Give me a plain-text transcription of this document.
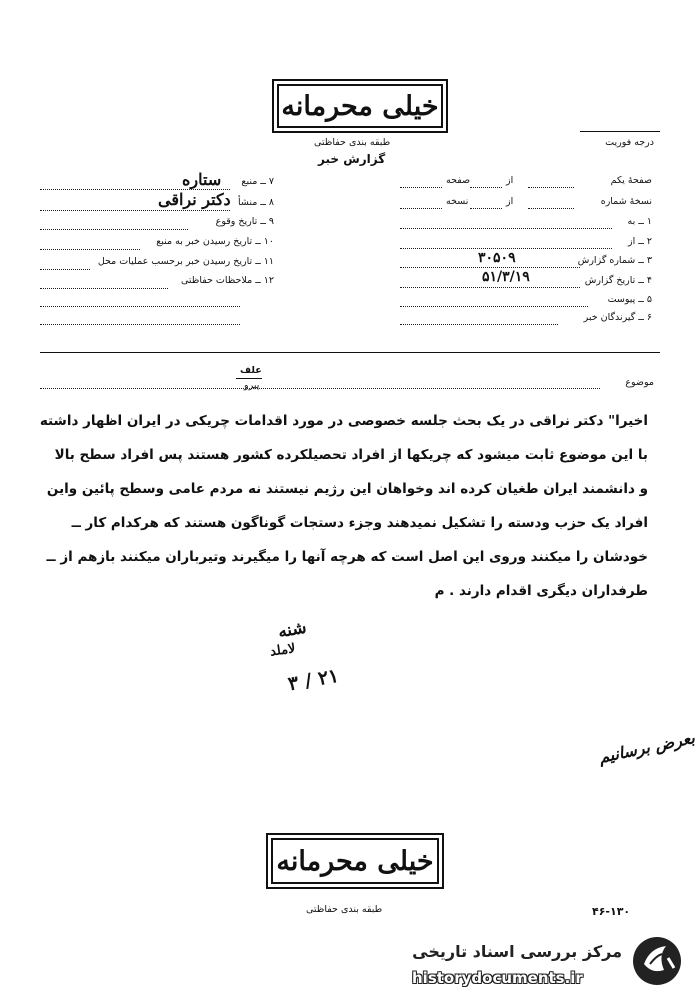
خیلی محرمانه
طبقه بندی حفاظتی	درجه فوریت
گزارش خبر
صفحهٔ یکم
از
صفحه
نسخهٔ شماره
از
نسخه
۱ ــ به
۲ ــ از
۳ ــ شماره گزارش
۳۰۵۰۹
۴ ــ تاریخ گزارش
۵۱/۳/۱۹
۵ ــ پیوست
۶ ــ گیرندگان خبر
۷ ــ منبع
ستاره
۸ ــ منشأ
دکتر نراقی
۹ ــ تاریخ وقوع
۱۰ ــ تاریخ رسیدن خبر به منبع
۱۱ ــ تاریخ رسیدن خبر برحسب عملیات محل
۱۲ ــ ملاحظات حفاظتی
موضوع
علف
پیرو
اخیرا" دکتر نراقی در یک بحث جلسه خصوصی در مورد اقدامات چریکی در ایران اظهار داشته
با این موضوع ثابت میشود که چریکها از افراد تحصیلکرده کشور هستند پس افراد سطح بالا
و دانشمند ایران طغیان کرده اند وخواهان این رژیم نیستند نه مردم عامی وسطح پائین واین
افراد یک حزب ودسته را تشکیل نمیدهند وجزء دستجات گوناگون هستند که هرکدام کار ــ
خودشان را میکنند وروی این اصل است که هرچه آنها را میگیرند وتیرباران میکنند بازهم از ــ
طرفداران دیگری اقدام دارند . م
شنه
لاملد
۲۱ / ۳
بعرض برسانیم
خیلی محرمانه
طبقه بندی حفاظتی	۴۶-۱۳۰
مرکز بررسی اسناد تاریخی
historydocuments.ir
